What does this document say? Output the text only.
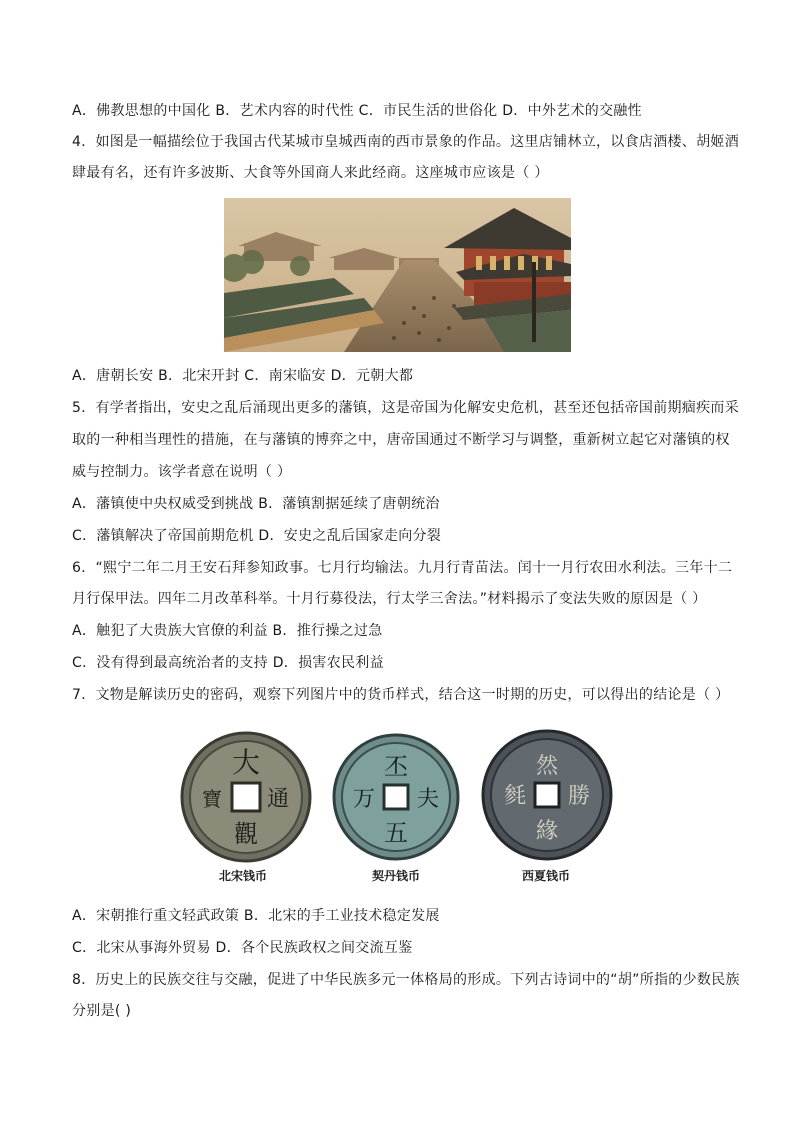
A．佛教思想的中国化 B．艺术内容的时代性 C．市民生活的世俗化 D．中外艺术的交融性
4．如图是一幅描绘位于我国古代某城市皇城西南的西市景象的作品。这里店铺林立，以食店酒楼、胡姬酒
肆最有名，还有许多波斯、大食等外国商人来此经商。这座城市应该是（ ）
A．唐朝长安 B．北宋开封 C．南宋临安 D．元朝大都
5．有学者指出，安史之乱后涌现出更多的藩镇，这是帝国为化解安史危机，甚至还包括帝国前期痼疾而采
取的一种相当理性的措施，在与藩镇的博弈之中，唐帝国通过不断学习与调整，重新树立起它对藩镇的权
威与控制力。该学者意在说明（ ）
A．藩镇使中央权威受到挑战 B．藩镇割据延续了唐朝统治
C．藩镇解决了帝国前期危机 D．安史之乱后国家走向分裂
6．“熙宁二年二月王安石拜参知政事。七月行均输法。九月行青苗法。闰十一月行农田水利法。三年十二
月行保甲法。四年二月改革科举。十月行募役法，行太学三舍法。”材料揭示了变法失败的原因是（ ）
A．触犯了大贵族大官僚的利益 B．推行操之过急
C．没有得到最高统治者的支持 D．损害农民利益
7．文物是解读历史的密码，观察下列图片中的货币样式，结合这一时期的历史，可以得出的结论是（ ）
大
通
觀
寶
北宋钱币
丕
夫
五
万
契丹钱币
然
勝
緣
毵
西夏钱币
A．宋朝推行重文轻武政策 B．北宋的手工业技术稳定发展
C．北宋从事海外贸易 D．各个民族政权之间交流互鉴
8．历史上的民族交往与交融，促进了中华民族多元一体格局的形成。下列古诗词中的“胡”所指的少数民族
分别是( )
